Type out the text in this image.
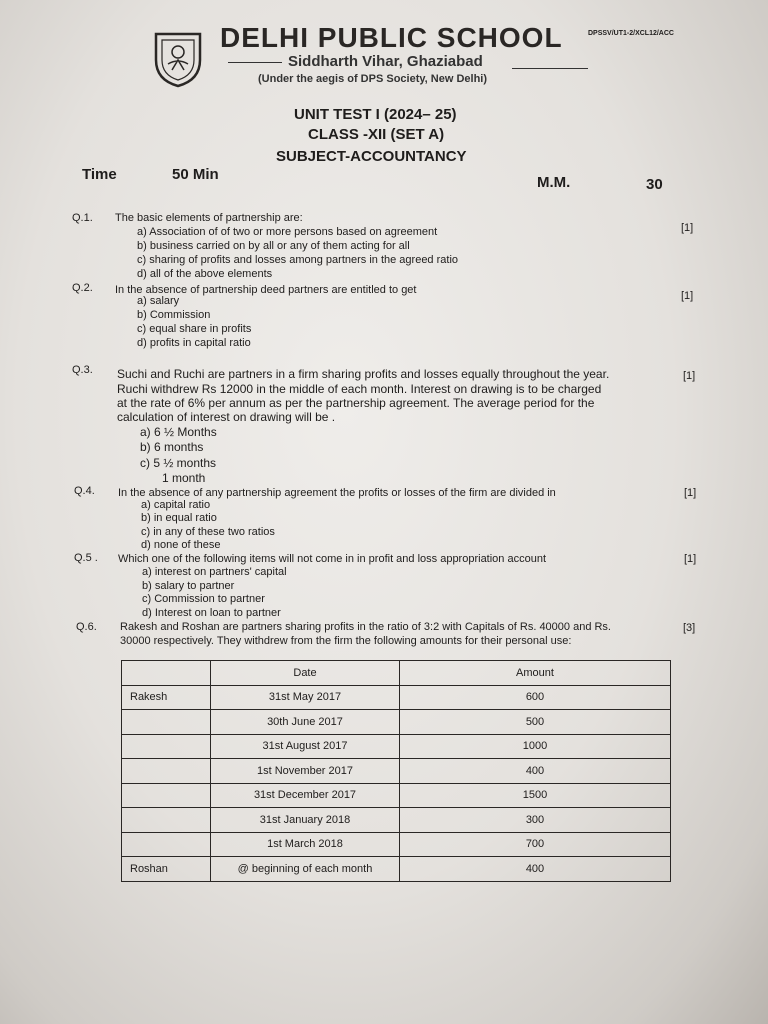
DELHI PUBLIC SCHOOL	DPSSV/UT1-2/XCL12/ACC
Siddharth Vihar, Ghaziabad
(Under the aegis of DPS Society, New Delhi)
UNIT TEST I (2024– 25)
CLASS -XII (SET A)
SUBJECT-ACCOUNTANCY
Time	50 Min	M.M.	30
Q.1. The basic elements of partnership are:
[1]
a) Association of of two or more persons based on agreement
b) business carried on by all or any of them acting for all
c) sharing of profits and losses among partners in the agreed ratio
d) all of the above elements
Q.2. In the absence of partnership deed partners are entitled to get	[1]
a) salary
b) Commission
c) equal share in profits
d) profits in capital ratio
Q.3. Suchi and Ruchi are partners in a firm sharing profits and losses equally throughout the year.
Ruchi withdrew Rs 12000 in the middle of each month. Interest on drawing is to be charged
at the rate of 6% per annum as per the partnership agreement. The average period for the
calculation of interest on drawing will be .
[1]
a) 6 ½ Months
b) 6 months
c) 5 ½ months
1 month
Q.4. In the absence of any partnership agreement the profits or losses of the firm are divided in	[1]
a) capital ratio
b) in equal ratio
c) in any of these two ratios
d) none of these
Q.5 . Which one of the following items will not come in in profit and loss appropriation account	[1]
a) interest on partners' capital
b) salary to partner
c) Commission to partner
d) Interest on loan to partner
Q.6. Rakesh and Roshan are partners sharing profits in the ratio of 3:2 with Capitals of Rs. 40000 and Rs.
30000 respectively. They withdrew from the firm the following amounts for their personal use:
[3]
	Date	Amount
Rakesh	31st May 2017	600
	30th June 2017	500
	31st August 2017	1000
	1st November 2017	400
	31st December 2017	1500
	31st January 2018	300
	1st March 2018	700
Roshan	@ beginning of each month	400
